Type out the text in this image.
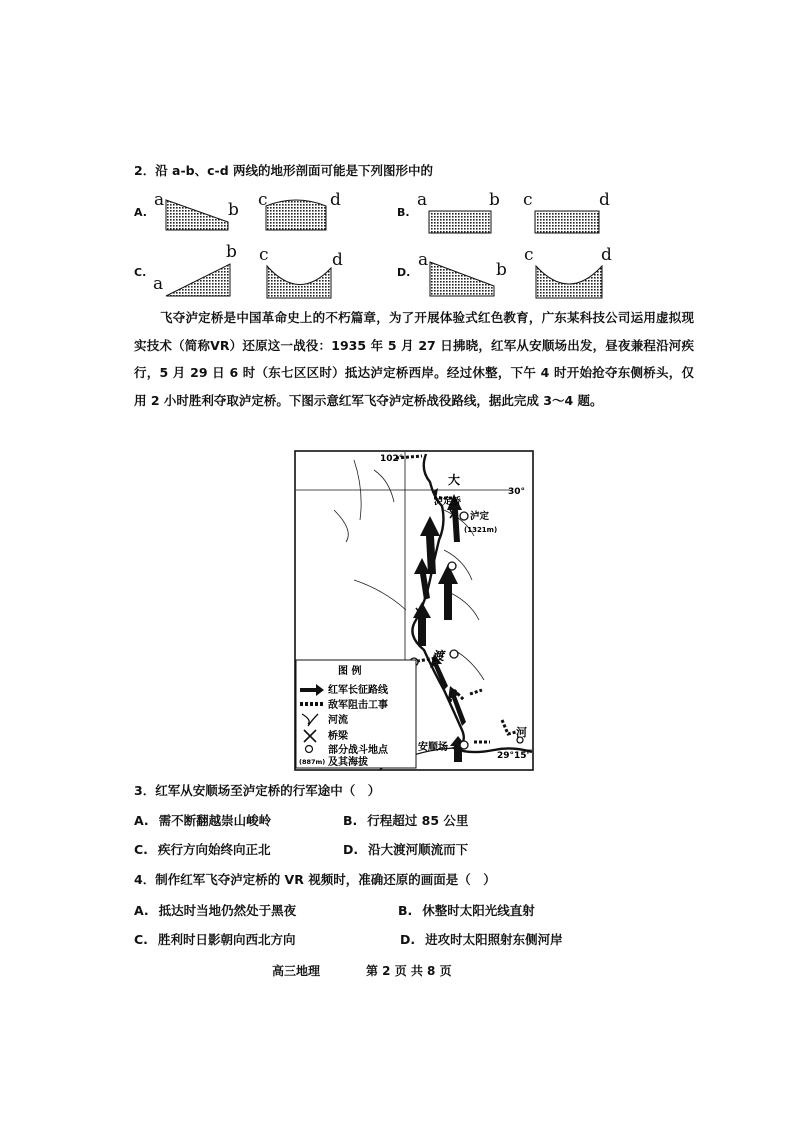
2．沿 a-b、c-d 两线的地形剖面可能是下列图形中的
A.
a	b c	d
B.
a	b c	d
C.
a
b c	d
D.
a	b
c	d
飞夺泸定桥是中国革命史上的不朽篇章，为了开展体验式红色教育，广东某科技公司运用虚拟现实技术（简称VR）还原这一战役：1935 年 5 月 27 日拂晓，红军从安顺场出发，昼夜兼程沿河疾行，5 月 29 日 6 时（东七区区时）抵达泸定桥西岸。经过休整，下午 4 时开始抢夺东侧桥头，仅用 2 小时胜利夺取泸定桥。下图示意红军飞夺泸定桥战役路线，据此完成 3～4 题。
102°
30°
29°15'
大
渡
河
泸定桥
泸定
(1321m)
安顺场
图 例
红军长征路线
敌军阻击工事
河流
桥梁
部分战斗地点
(887m) 及其海拔
3．红军从安顺场至泸定桥的行军途中（　）
A. 需不断翻越崇山峻岭	B. 行程超过 85 公里
C. 疾行方向始终向正北	D. 沿大渡河顺流而下
4．制作红军飞夺泸定桥的 VR 视频时，准确还原的画面是（　）
A. 抵达时当地仍然处于黑夜	B. 休整时太阳光线直射
C. 胜利时日影朝向西北方向	D. 进攻时太阳照射东侧河岸
高三地理	第 2 页 共 8 页
